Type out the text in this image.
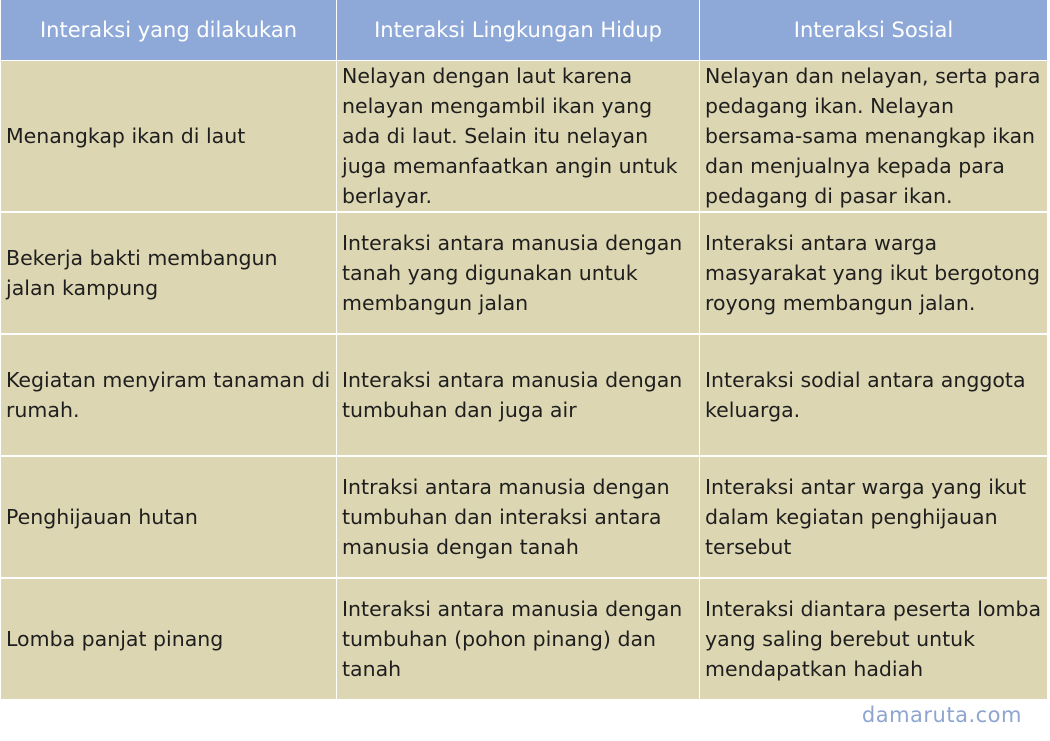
Interaksi yang dilakukan	Interaksi Lingkungan Hidup	Interaksi Sosial

Menangkap ikan di laut	Nelayan dengan laut karena nelayan mengambil ikan yang ada di laut. Selain itu nelayan juga memanfaatkan angin untuk berlayar.	Nelayan dan nelayan, serta para pedagang ikan. Nelayan bersama-sama menangkap ikan dan menjualnya kepada para pedagang di pasar ikan.

Bekerja bakti membangun jalan kampung	Interaksi antara manusia dengan tanah yang digunakan untuk membangun jalan	Interaksi antara warga masyarakat yang ikut bergotong royong membangun jalan.

Kegiatan menyiram tanaman di rumah.	Interaksi antara manusia dengan tumbuhan dan juga air	Interaksi sodial antara anggota keluarga.

Penghijauan hutan	Intraksi antara manusia dengan tumbuhan dan interaksi antara manusia dengan tanah	Interaksi antar warga yang ikut dalam kegiatan penghijauan tersebut

Lomba panjat pinang	Interaksi antara manusia dengan tumbuhan (pohon pinang) dan tanah	Interaksi diantara peserta lomba yang saling berebut untuk mendapatkan hadiah
damaruta.com
